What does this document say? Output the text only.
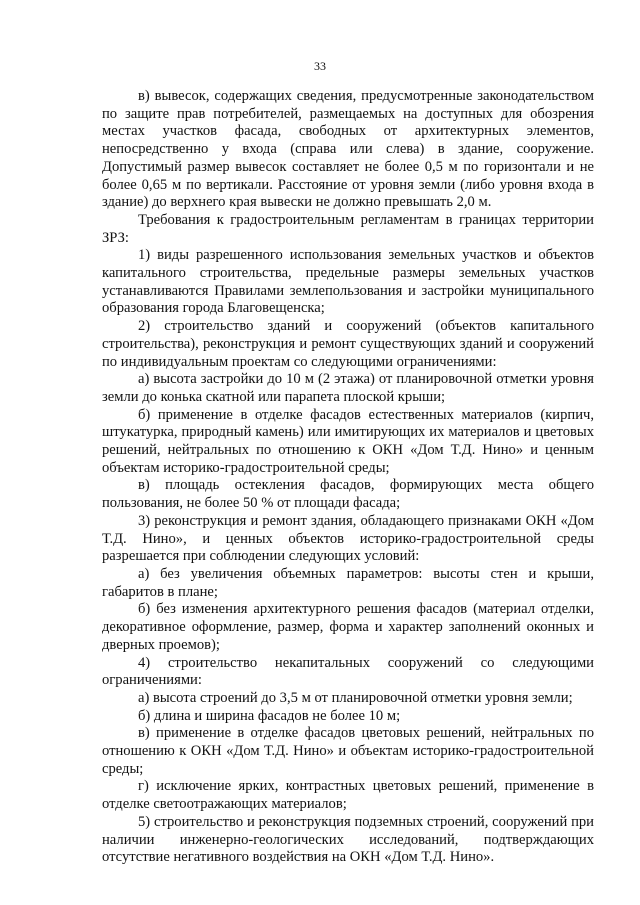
33

в) вывесок, содержащих сведения, предусмотренные законодательством по защите прав потребителей, размещаемых на доступных для обозрения местах участков фасада, свободных от архитектурных элементов, непосредственно у входа (справа или слева) в здание, сооружение. Допустимый размер вывесок составляет не более 0,5 м по горизонтали и не более 0,65 м по вертикали. Расстояние от уровня земли (либо уровня входа в здание) до верхнего края вывески не должно превышать 2,0 м.

Требования к градостроительным регламентам в границах территории ЗРЗ:

1) виды разрешенного использования земельных участков и объектов капитального строительства, предельные размеры земельных участков устанавливаются Правилами землепользования и застройки муниципального образования города Благовещенска;

2) строительство зданий и сооружений (объектов капитального строительства), реконструкция и ремонт существующих зданий и сооружений по индивидуальным проектам со следующими ограничениями:

а) высота застройки до 10 м (2 этажа) от планировочной отметки уровня земли до конька скатной или парапета плоской крыши;

б) применение в отделке фасадов естественных материалов (кирпич, штукатурка, природный камень) или имитирующих их материалов и цветовых решений, нейтральных по отношению к ОКН «Дом Т.Д. Нино» и ценным объектам историко-градостроительной среды;

в) площадь остекления фасадов, формирующих места общего пользования, не более 50 % от площади фасада;

3) реконструкция и ремонт здания, обладающего признаками ОКН «Дом Т.Д. Нино», и ценных объектов историко-градостроительной среды разрешается при соблюдении следующих условий:

а) без увеличения объемных параметров: высоты стен и крыши, габаритов в плане;

б) без изменения архитектурного решения фасадов (материал отделки, декоративное оформление, размер, форма и характер заполнений оконных и дверных проемов);

4) строительство некапитальных сооружений со следующими ограничениями:

а) высота строений до 3,5 м от планировочной отметки уровня земли;

б) длина и ширина фасадов не более 10 м;

в) применение в отделке фасадов цветовых решений, нейтральных по отношению к ОКН «Дом Т.Д. Нино» и объектам историко-градостроительной среды;

г) исключение ярких, контрастных цветовых решений, применение в отделке светоотражающих материалов;

5) строительство и реконструкция подземных строений, сооружений при наличии инженерно-геологических исследований, подтверждающих отсутствие негативного воздействия на ОКН «Дом Т.Д. Нино».
